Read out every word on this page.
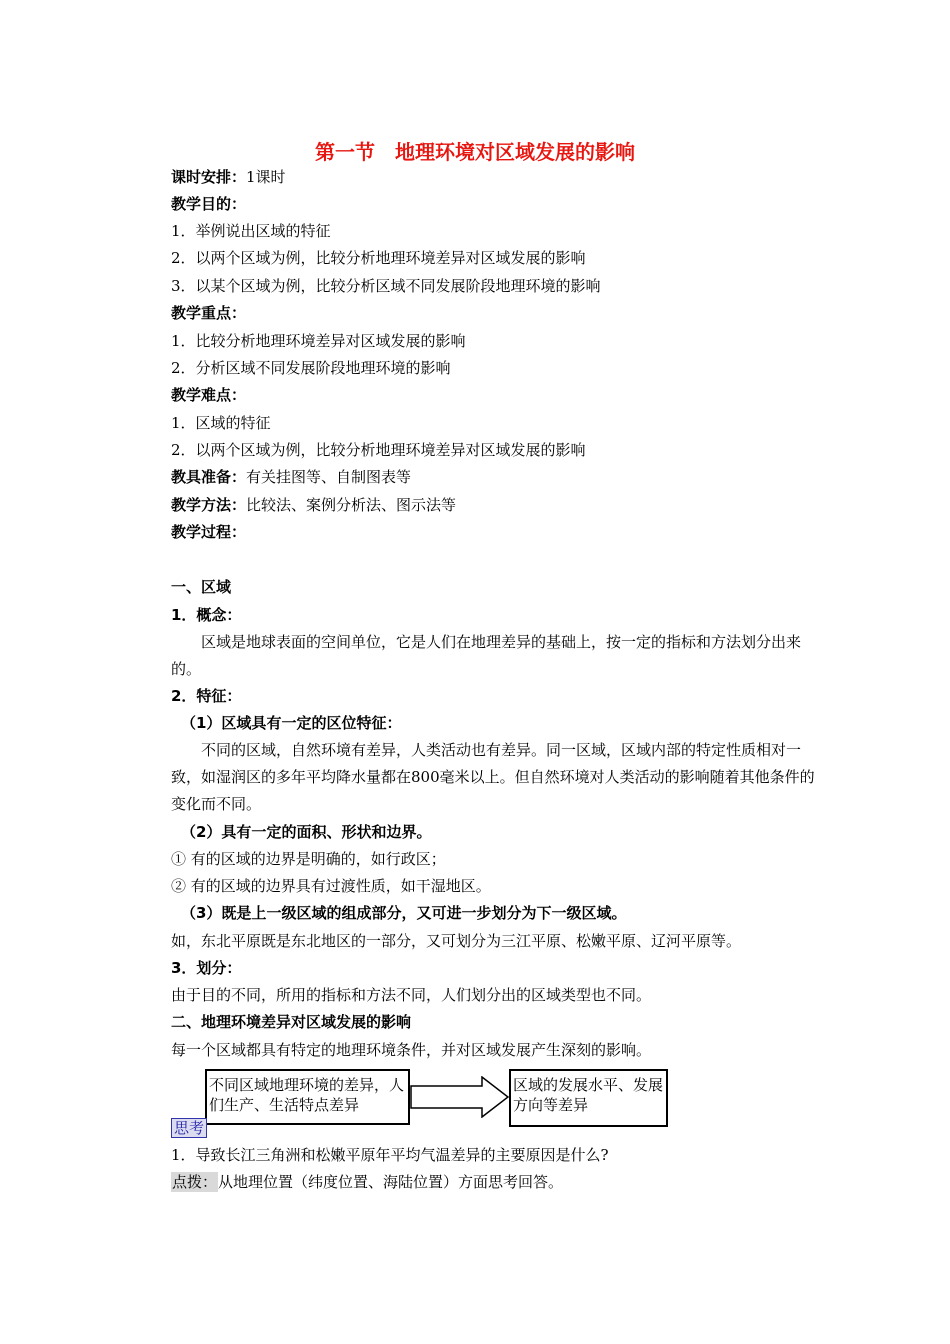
第一节　地理环境对区域发展的影响
课时安排：1课时
教学目的：
1．举例说出区域的特征
2．以两个区域为例，比较分析地理环境差异对区域发展的影响
3．以某个区域为例，比较分析区域不同发展阶段地理环境的影响
教学重点：
1．比较分析地理环境差异对区域发展的影响
2．分析区域不同发展阶段地理环境的影响
教学难点：
1．区域的特征
2．以两个区域为例，比较分析地理环境差异对区域发展的影响
教具准备：有关挂图等、自制图表等
教学方法：比较法、案例分析法、图示法等
教学过程：
一、区域
1．概念：
区域是地球表面的空间单位，它是人们在地理差异的基础上，按一定的指标和方法划分出来的。
2．特征：
（1）区域具有一定的区位特征：
不同的区域，自然环境有差异，人类活动也有差异。同一区域，区域内部的特定性质相对一致，如湿润区的多年平均降水量都在800毫米以上。但自然环境对人类活动的影响随着其他条件的变化而不同。
（2）具有一定的面积、形状和边界。
① 有的区域的边界是明确的，如行政区；
② 有的区域的边界具有过渡性质，如干湿地区。
（3）既是上一级区域的组成部分，又可进一步划分为下一级区域。
如，东北平原既是东北地区的一部分，又可划分为三江平原、松嫩平原、辽河平原等。
3．划分：
由于目的不同，所用的指标和方法不同，人们划分出的区域类型也不同。
二、地理环境差异对区域发展的影响
每一个区域都具有特定的地理环境条件，并对区域发展产生深刻的影响。
不同区域地理环境的差异，人们生产、生活特点差异
区域的发展水平、发展方向等差异
思考
1．导致长江三角洲和松嫩平原年平均气温差异的主要原因是什么?
点拨：从地理位置（纬度位置、海陆位置）方面思考回答。
